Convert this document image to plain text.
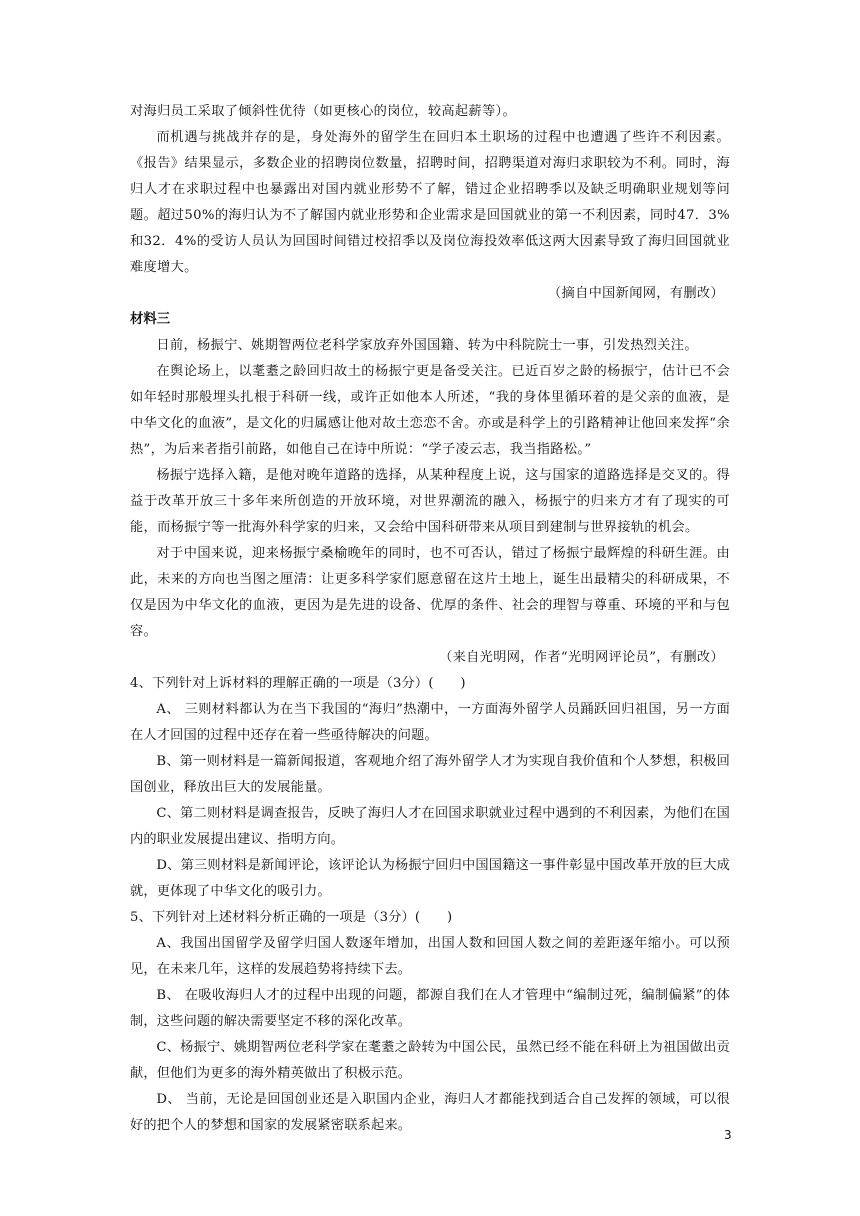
对海归员工采取了倾斜性优待（如更核心的岗位，较高起薪等）。

而机遇与挑战并存的是，身处海外的留学生在回归本土职场的过程中也遭遇了些许不利因素。《报告》结果显示，多数企业的招聘岗位数量，招聘时间，招聘渠道对海归求职较为不利。同时，海归人才在求职过程中也暴露出对国内就业形势不了解，错过企业招聘季以及缺乏明确职业规划等问题。超过50%的海归认为不了解国内就业形势和企业需求是回国就业的第一不利因素，同时47．3%和32．4%的受访人员认为回国时间错过校招季以及岗位海投效率低这两大因素导致了海归回国就业难度增大。

（摘自中国新闻网，有删改）

材料三

日前，杨振宁、姚期智两位老科学家放弃外国国籍、转为中科院院士一事，引发热烈关注。

在舆论场上，以耄耋之龄回归故土的杨振宁更是备受关注。已近百岁之龄的杨振宁，估计已不会如年轻时那般埋头扎根于科研一线，或许正如他本人所述，“我的身体里循环着的是父亲的血液，是中华文化的血液”，是文化的归属感让他对故土恋恋不舍。亦或是科学上的引路精神让他回来发挥“余热”，为后来者指引前路，如他自己在诗中所说：“学子凌云志，我当指路松。”

杨振宁选择入籍，是他对晚年道路的选择，从某种程度上说，这与国家的道路选择是交叉的。得益于改革开放三十多年来所创造的开放环境，对世界潮流的融入，杨振宁的归来方才有了现实的可能，而杨振宁等一批海外科学家的归来，又会给中国科研带来从项目到建制与世界接轨的机会。

对于中国来说，迎来杨振宁桑榆晚年的同时，也不可否认，错过了杨振宁最辉煌的科研生涯。由此，未来的方向也当图之厘清：让更多科学家们愿意留在这片土地上，诞生出最精尖的科研成果，不仅是因为中华文化的血液，更因为是先进的设备、优厚的条件、社会的理智与尊重、环境的平和与包容。

（来自光明网，作者“光明网评论员”，有删改）

4、下列针对上诉材料的理解正确的一项是（3分）(　　)

A、 三则材料都认为在当下我国的“海归”热潮中，一方面海外留学人员踊跃回归祖国，另一方面在人才回国的过程中还存在着一些亟待解决的问题。

B、第一则材料是一篇新闻报道，客观地介绍了海外留学人才为实现自我价值和个人梦想，积极回国创业，释放出巨大的发展能量。

C、第二则材料是调查报告，反映了海归人才在回国求职就业过程中遇到的不利因素，为他们在国内的职业发展提出建议、指明方向。

D、第三则材料是新闻评论，该评论认为杨振宁回归中国国籍这一事件彰显中国改革开放的巨大成就，更体现了中华文化的吸引力。

5、下列针对上述材料分析正确的一项是（3分）(　　)

A、我国出国留学及留学归国人数逐年增加，出国人数和回国人数之间的差距逐年缩小。可以预见，在未来几年，这样的发展趋势将持续下去。

B、 在吸收海归人才的过程中出现的问题，都源自我们在人才管理中“编制过死，编制偏紧”的体制，这些问题的解决需要坚定不移的深化改革。

C、杨振宁、姚期智两位老科学家在耄耋之龄转为中国公民，虽然已经不能在科研上为祖国做出贡献，但他们为更多的海外精英做出了积极示范。

D、 当前，无论是回国创业还是入职国内企业，海归人才都能找到适合自己发挥的领域，可以很好的把个人的梦想和国家的发展紧密联系起来。

3
